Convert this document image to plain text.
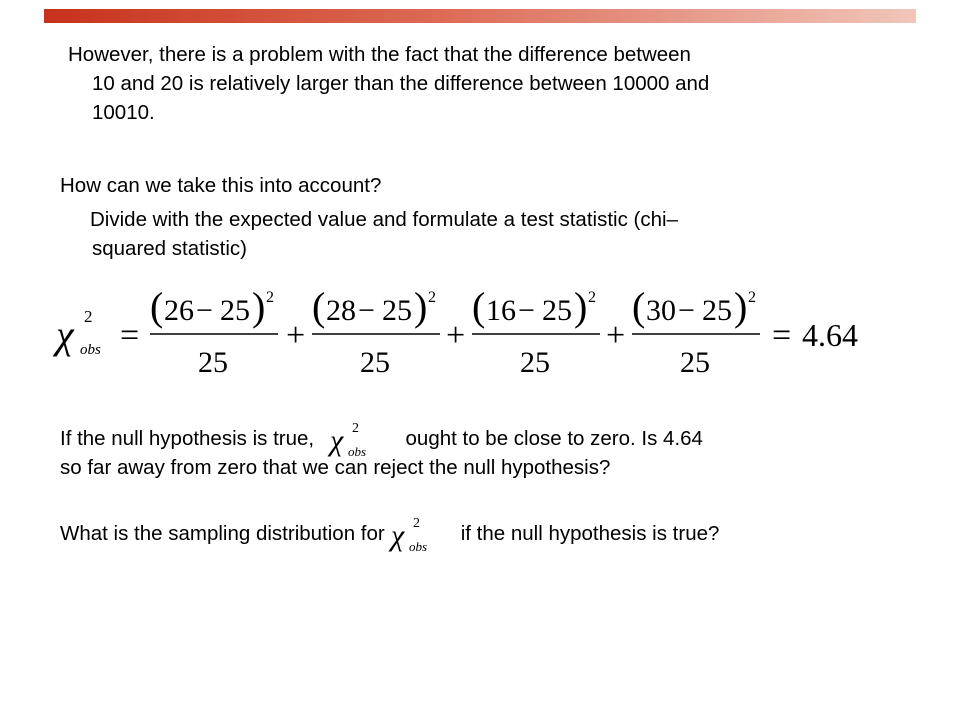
However, there is a problem with the fact that the difference between
10 and 20 is relatively larger than the difference between 10000 and
10010.

How can we take this into account?

Divide with the expected value and formulate a test statistic (chi–
squared statistic)

χ 2
obs =
( 26 − 25 ) 2
25
+
( 28 − 25 ) 2
25
+
( 16 − 25 ) 2
25
+
( 30 − 25 ) 2
25
= 4.64

If the null hypothesis is true, χ 2
obs
ought to be close to zero. Is 4.64
so far away from zero that we can reject the null hypothesis?

What is the sampling distribution for χ 2
obs
if the null hypothesis is true?
